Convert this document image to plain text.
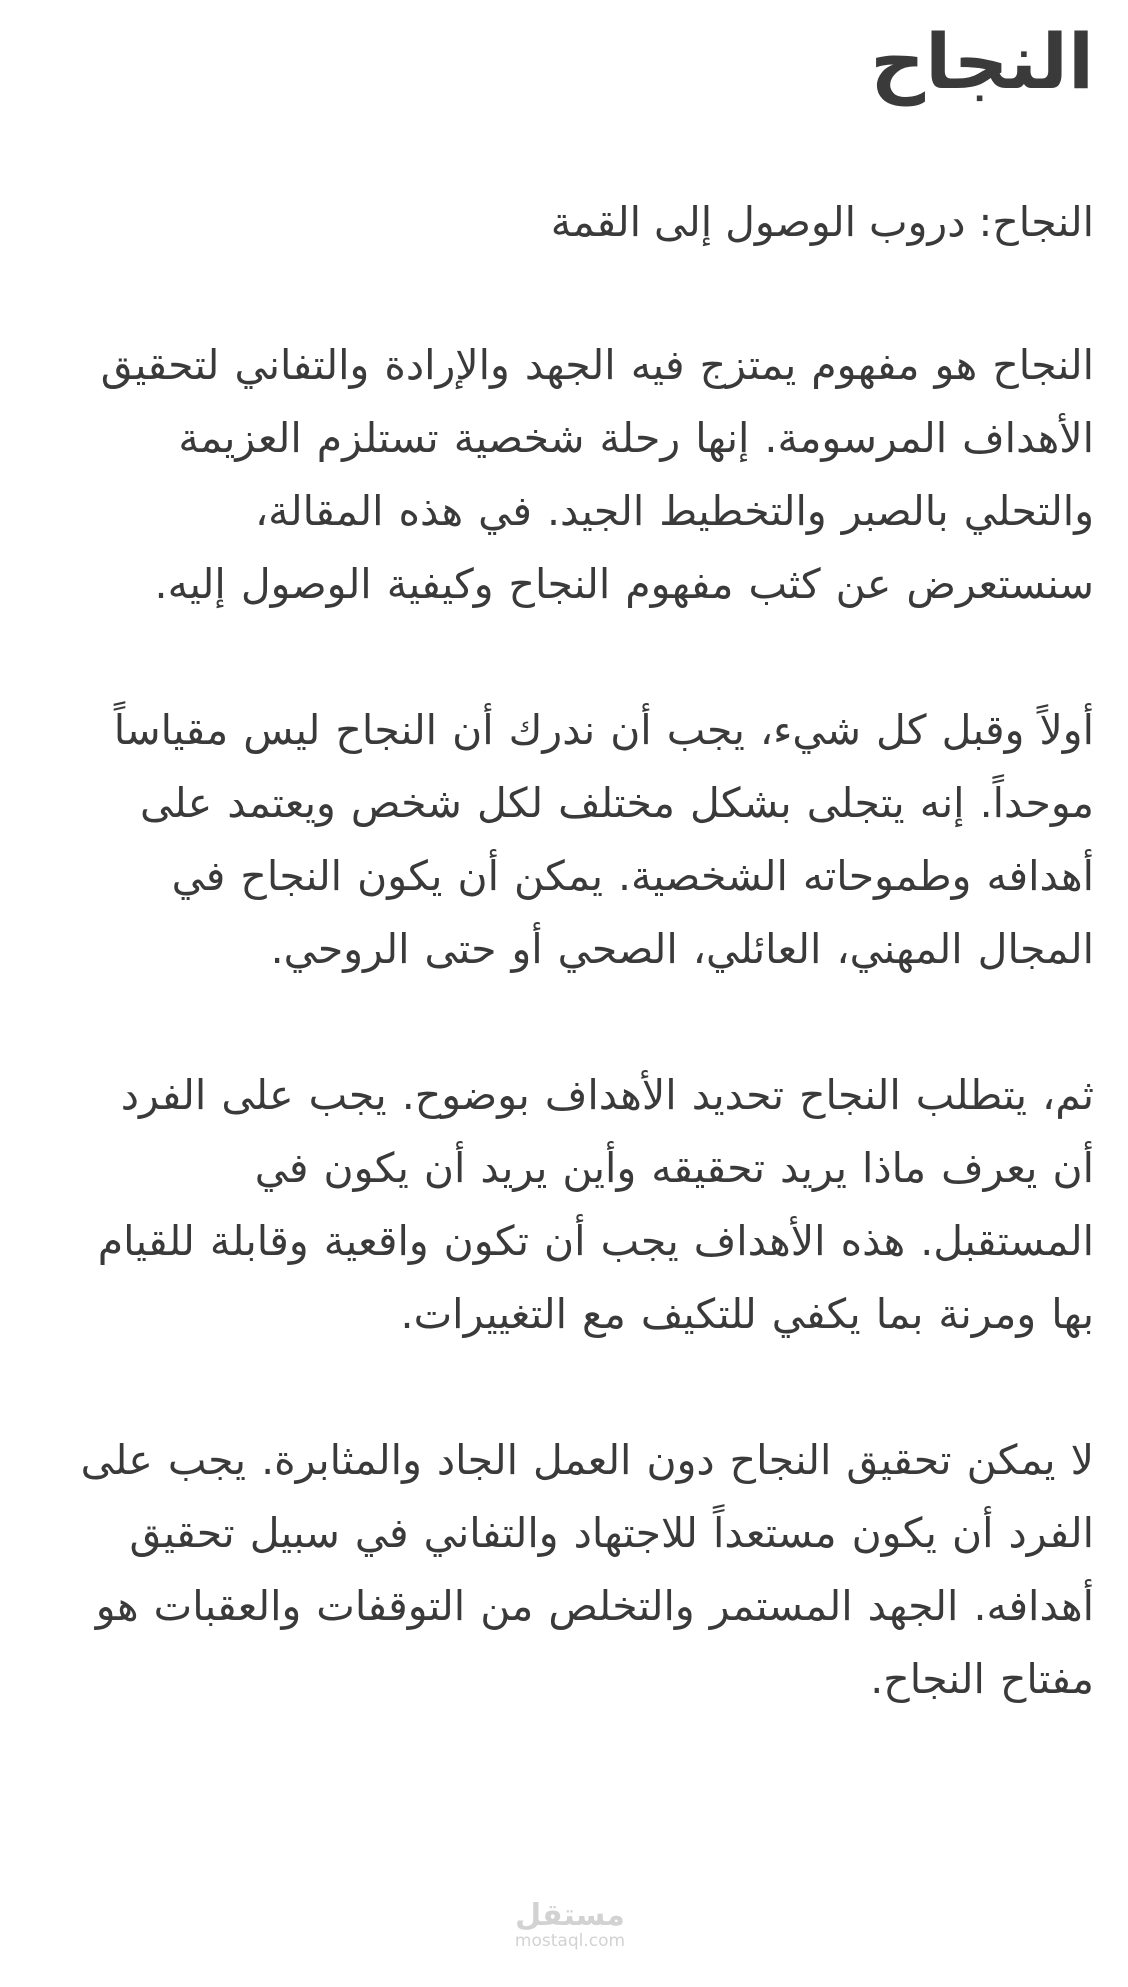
النجاح

النجاح: دروب الوصول إلى القمة

النجاح هو مفهوم يمتزج فيه الجهد والإرادة والتفاني لتحقيق الأهداف المرسومة. إنها رحلة شخصية تستلزم العزيمة والتحلي بالصبر والتخطيط الجيد. في هذه المقالة، سنستعرض عن كثب مفهوم النجاح وكيفية الوصول إليه.

أولاً وقبل كل شيء، يجب أن ندرك أن النجاح ليس مقياساً موحداً. إنه يتجلى بشكل مختلف لكل شخص ويعتمد على أهدافه وطموحاته الشخصية. يمكن أن يكون النجاح في المجال المهني، العائلي، الصحي أو حتى الروحي.

ثم، يتطلب النجاح تحديد الأهداف بوضوح. يجب على الفرد أن يعرف ماذا يريد تحقيقه وأين يريد أن يكون في المستقبل. هذه الأهداف يجب أن تكون واقعية وقابلة للقيام بها ومرنة بما يكفي للتكيف مع التغييرات.

لا يمكن تحقيق النجاح دون العمل الجاد والمثابرة. يجب على الفرد أن يكون مستعداً للاجتهاد والتفاني في سبيل تحقيق أهدافه. الجهد المستمر والتخلص من التوقفات والعقبات هو مفتاح النجاح.

مستقل
mostaql.com
